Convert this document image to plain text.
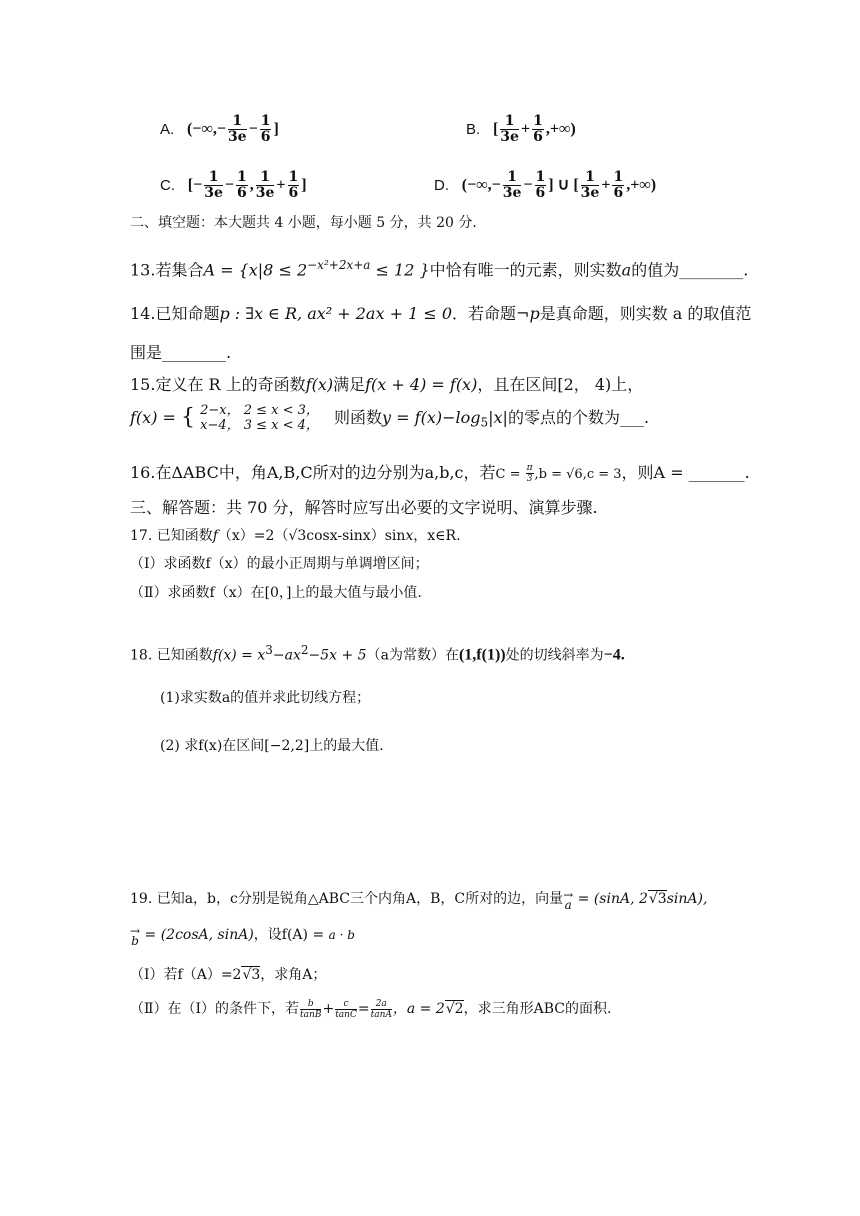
A. (−∞,− $\frac{1}{3e} - \frac{1}{6}$ ]	B. [ $\frac{1}{3e} + \frac{1}{6}$ ,+∞)
C. [− $\frac{1}{3e} - \frac{1}{6}$ , $\frac{1}{3e} + \frac{1}{6}$ ]	D. (−∞,− $\frac{1}{3e} - \frac{1}{6}$ ] ∪ [ $\frac{1}{3e} + \frac{1}{6}$ ,+∞)
二、填空题：本大题共 4 小题，每小题 5 分，共 20 分.
13.若集合$A = \{x|8 \le 2^{-x^2+2x+a} \le 12$ }中恰有唯一的元素，则实数a的值为________.
14.已知命题p : ∃x ∈ R, ax² + 2ax + 1 ≤ 0．若命题¬p是真命题，则实数 a 的取值范
围是________.
15.定义在 R 上的奇函数f(x)满足f(x + 4) = f(x)，且在区间[2， 4)上，
f(x) = { 2−x， 2 ≤ x < 3，
x−4， 3 ≤ x < 4， 则函数$y = f(x)-\log_5|x|$的零点的个数为___.
16.在ΔABC中，角A,B,C所对的边分别为a,b,c，若$C = \frac{\pi}{3} ,b = √6,c = 3$，则A = _______.
三、解答题：共 70 分，解答时应写出必要的文字说明、演算步骤.
17. 已知函数f（x）=2（√3cosx-sinx）sinx，x∈R.
（Ⅰ）求函数f（x）的最小正周期与单调增区间；
（Ⅱ）求函数f（x）在[0，]上的最大值与最小值.
18. 已知函数$f(x) = x^3-ax^2-5x + 5(a$为常数）在(1,f(1))处的切线斜率为−4.
(1)求实数a的值并求此切线方程；
(2) 求f(x)在区间[−2,2]上的最大值.
19. 已知a，b，c分别是锐角△ABC三个内角A，B，C所对的边，向量→
a = (sinA, 2√3sinA),
→
b = (2cosA, sinA)，设f(A) = a · b
（Ⅰ）若f（A）=2√3，求角A；
（Ⅱ）在（Ⅰ）的条件下，若 $\frac{b}{\tan B} + \frac{c}{\tan C} = \frac{2a}{\tan A}$ ，a = 2√2，求三角形ABC的面积.
